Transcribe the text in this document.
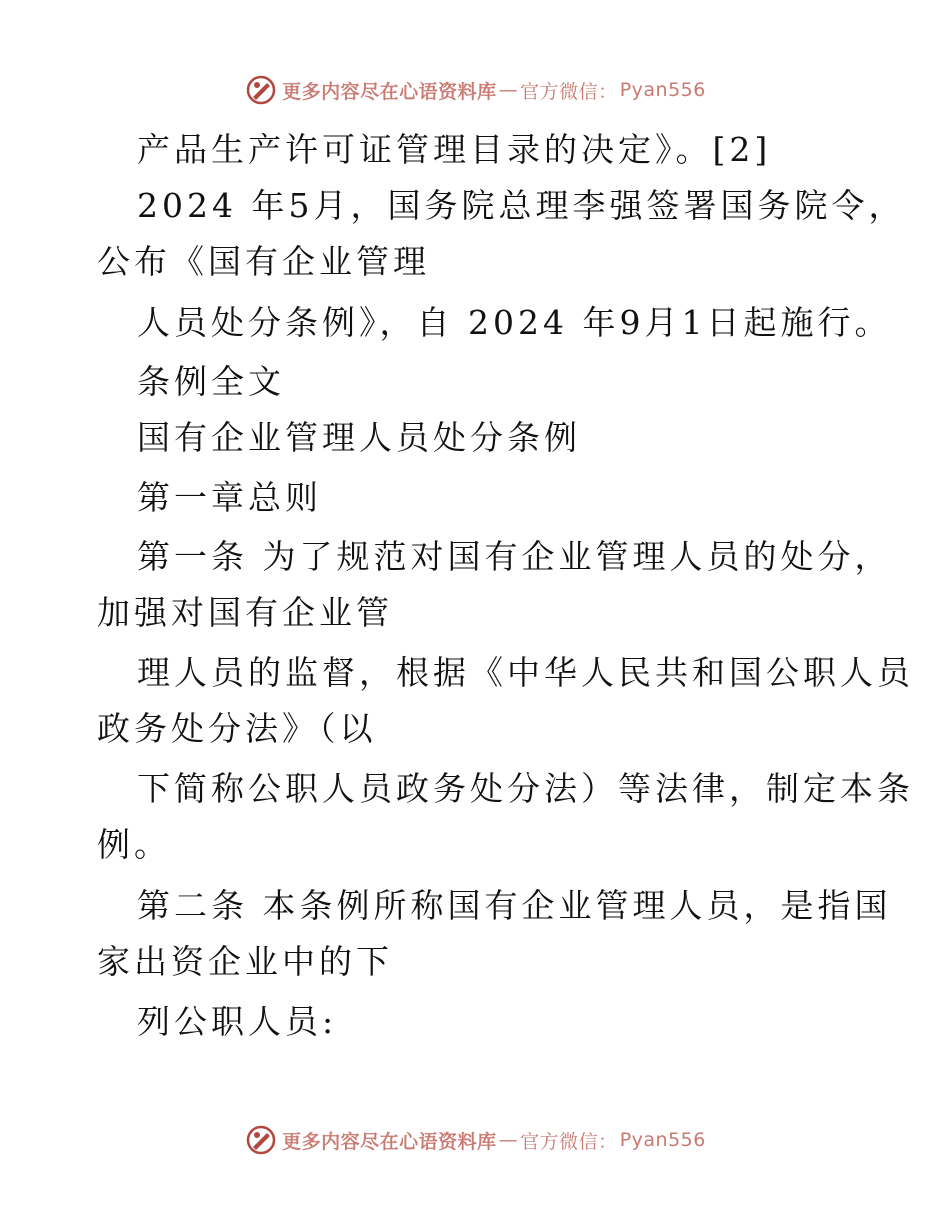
更多内容尽在心语资料库 — 官方微信： Pyan556
产品生产许可证管理目录的决定》。[2]
2024 年5月，国务院总理李强签署国务院令，
公布《国有企业管理
人员处分条例》，自 2024 年9月1日起施行。
条例全文
国有企业管理人员处分条例
第一章总则
第一条 为了规范对国有企业管理人员的处分，
加强对国有企业管
理人员的监督，根据《中华人民共和国公职人员
政务处分法》（以
下简称公职人员政务处分法）等法律，制定本条
例。
第二条 本条例所称国有企业管理人员，是指国
家出资企业中的下
列公职人员:
更多内容尽在心语资料库 — 官方微信： Pyan556
